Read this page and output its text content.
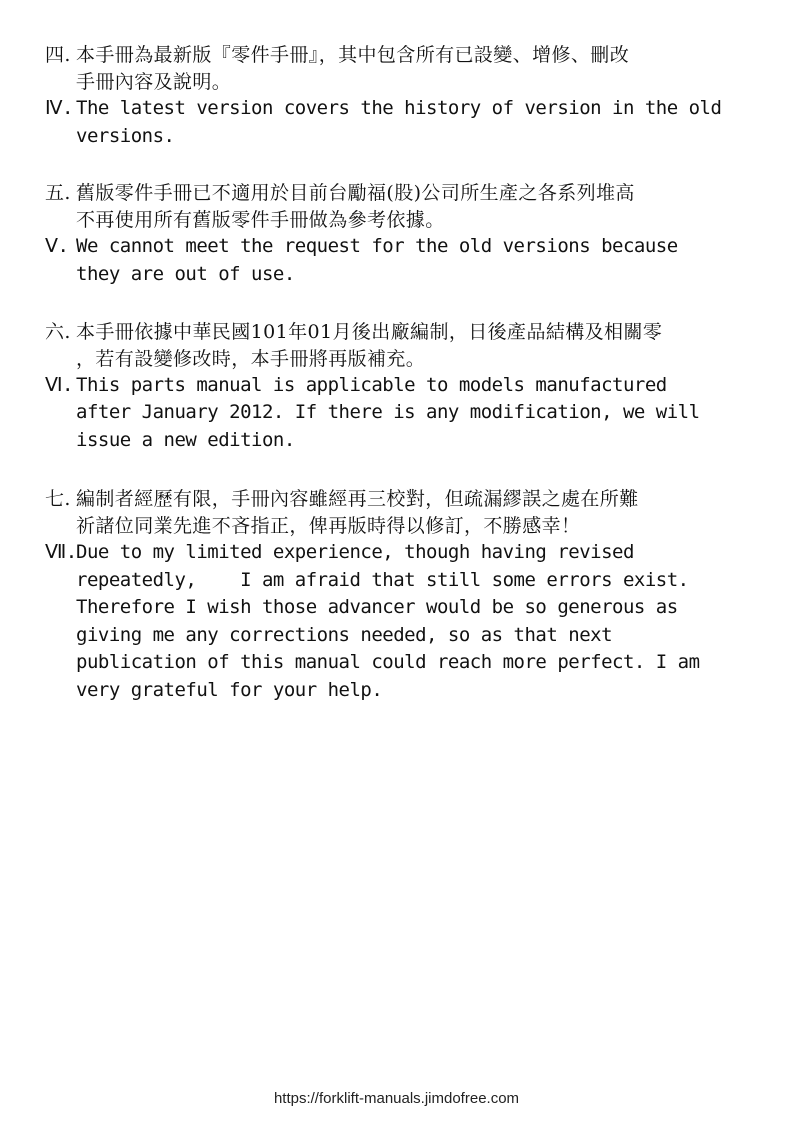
四. 本手冊為最新版『零件手冊』，其中包含所有已設變、增修、刪改
手冊內容及說明。
Ⅳ. The latest version covers the history of version in the old
versions.
五. 舊版零件手冊已不適用於目前台勵福(股)公司所生產之各系列堆高
不再使用所有舊版零件手冊做為參考依據。
Ⅴ. We cannot meet the request for the old versions because
they are out of use.
六. 本手冊依據中華民國101年01月後出廠編制，日後產品結構及相關零
，若有設變修改時，本手冊將再版補充。
Ⅵ. This parts manual is applicable to models manufactured
after January 2012. If there is any modification, we will
issue a new edition.
七. 編制者經歷有限，手冊內容雖經再三校對，但疏漏繆誤之處在所難
祈諸位同業先進不吝指正，俾再版時得以修訂，不勝感幸！
Ⅶ.Due to my limited experience, though having revised
repeatedly,    I am afraid that still some errors exist.
Therefore I wish those advancer would be so generous as
giving me any corrections needed, so as that next
publication of this manual could reach more perfect. I am
very grateful for your help.
https://forklift-manuals.jimdofree.com
